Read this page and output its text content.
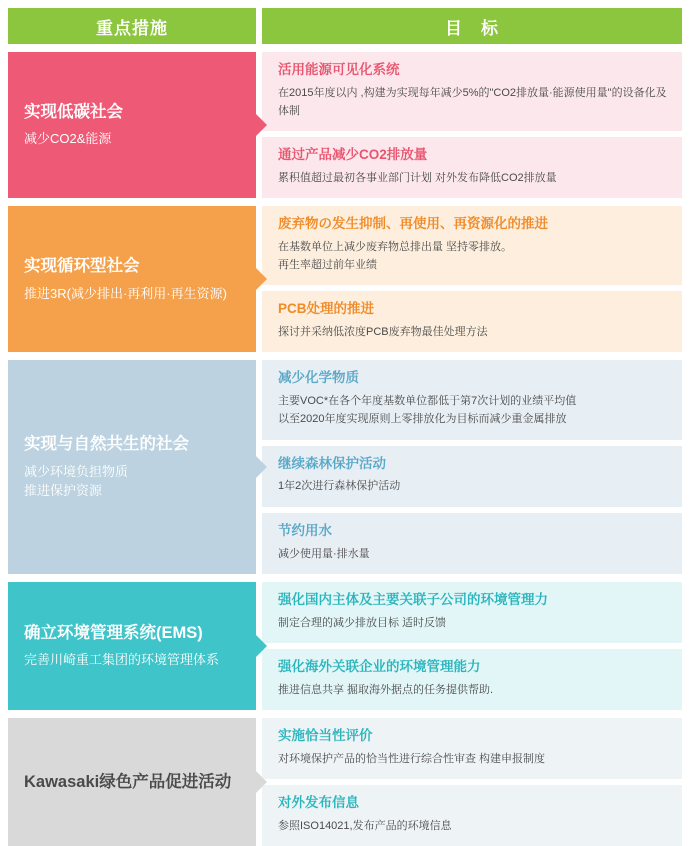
重点措施	目　标
实现低碳社会
减少CO2&能源
活用能源可见化系统
在2015年度以内 ,构建为实现每年减少5%的"CO2排放量·能源使用量"的设备化及体制
通过产品减少CO2排放量
累积值超过最初各事业部门计划 对外发布降低CO2排放量
实现循环型社会
推进3R(减少排出·再利用·再生资源)
废弃物の发生抑制、再使用、再资源化的推进
在基数单位上减少废弃物总排出量 坚持零排放。
再生率超过前年业绩
PCB处理的推进
探讨并采纳低浓度PCB废弃物最佳处理方法
实现与自然共生的社会
减少环境负担物质
推进保护资源
减少化学物质
主要VOC*在各个年度基数单位都低于第7次计划的业绩平均值
以至2020年度实现原则上零排放化为目标而减少重金属排放
继续森林保护活动
1年2次进行森林保护活动
节约用水
减少使用量·排水量
确立环境管理系统(EMS)
完善川崎重工集团的环境管理体系
强化国内主体及主要关联子公司的环境管理力
制定合理的减少排放目标 适时反馈
强化海外关联企业的环境管理能力
推进信息共享 掘取海外据点的任务提供帮助.
Kawasaki绿色产品促进活动
实施恰当性评价
对环境保护产品的恰当性进行综合性审查 构建申报制度
对外发布信息
参照ISO14021,发布产品的环境信息
